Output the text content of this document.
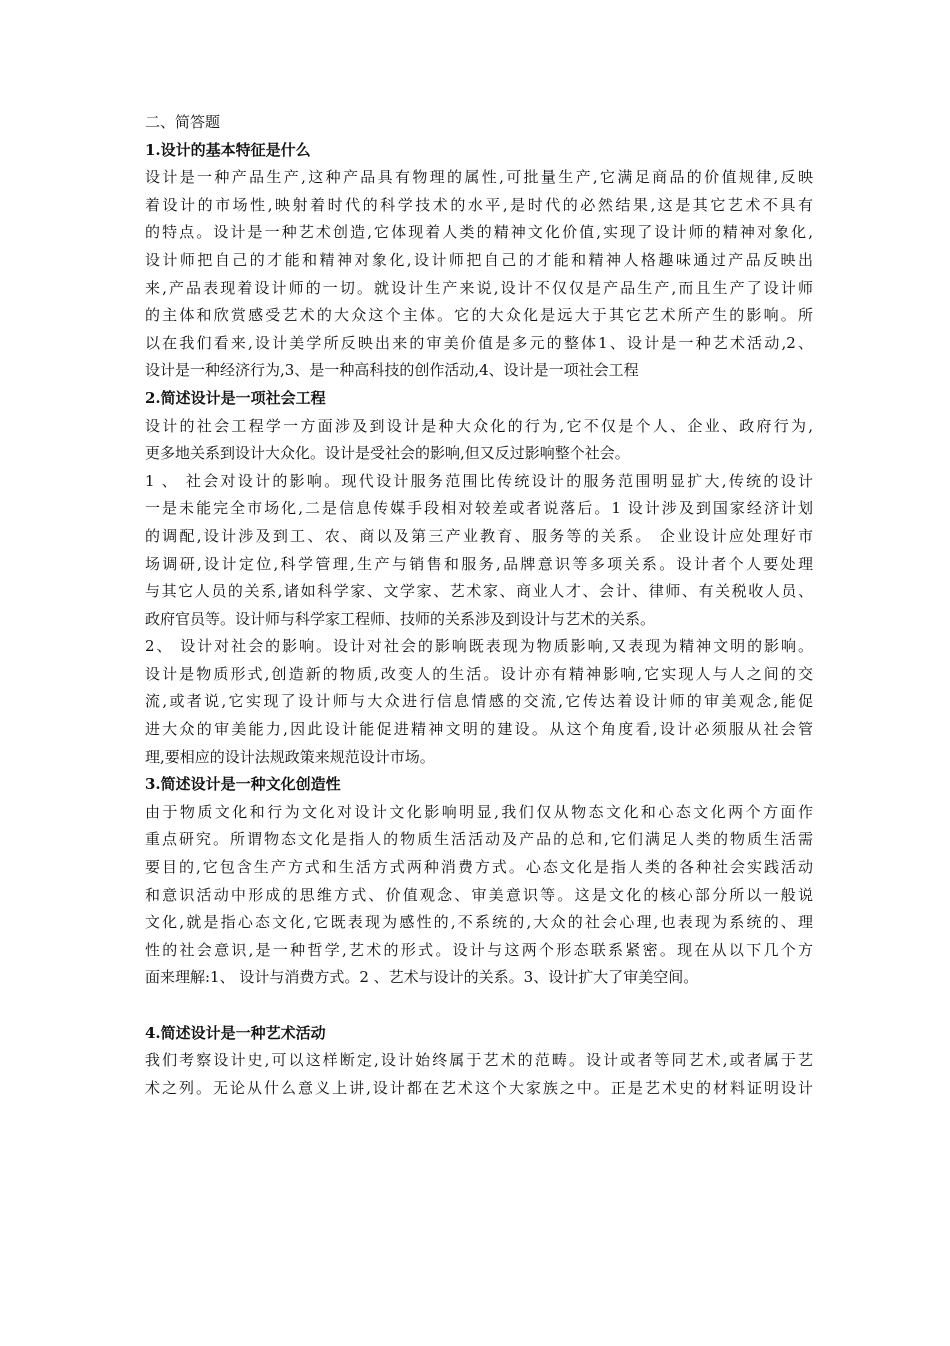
二、简答题
1.设计的基本特征是什么
设计是一种产品生产,这种产品具有物理的属性,可批量生产,它满足商品的价值规律,反映
着设计的市场性,映射着时代的科学技术的水平,是时代的必然结果,这是其它艺术不具有
的特点。设计是一种艺术创造,它体现着人类的精神文化价值,实现了设计师的精神对象化,
设计师把自己的才能和精神对象化,设计师把自己的才能和精神人格趣味通过产品反映出
来,产品表现着设计师的一切。就设计生产来说,设计不仅仅是产品生产,而且生产了设计师
的主体和欣赏感受艺术的大众这个主体。它的大众化是远大于其它艺术所产生的影响。所
以在我们看来,设计美学所反映出来的审美价值是多元的整体1、设计是一种艺术活动,2、
设计是一种经济行为,3、是一种高科技的创作活动,4、设计是一项社会工程
2.简述设计是一项社会工程
设计的社会工程学一方面涉及到设计是种大众化的行为,它不仅是个人、企业、政府行为,
更多地关系到设计大众化。设计是受社会的影响,但又反过影响整个社会。
1 、 社会对设计的影响。现代设计服务范围比传统设计的服务范围明显扩大,传统的设计
一是未能完全市场化,二是信息传媒手段相对较差或者说落后。1 设计涉及到国家经济计划
的调配,设计涉及到工、农、商以及第三产业教育、服务等的关系。 企业设计应处理好市
场调研,设计定位,科学管理,生产与销售和服务,品牌意识等多项关系。设计者个人要处理
与其它人员的关系,诸如科学家、文学家、艺术家、商业人才、会计、律师、有关税收人员、
政府官员等。设计师与科学家工程师、技师的关系涉及到设计与艺术的关系。
2、 设计对社会的影响。设计对社会的影响既表现为物质影响,又表现为精神文明的影响。
设计是物质形式,创造新的物质,改变人的生活。设计亦有精神影响,它实现人与人之间的交
流,或者说,它实现了设计师与大众进行信息情感的交流,它传达着设计师的审美观念,能促
进大众的审美能力,因此设计能促进精神文明的建设。从这个角度看,设计必须服从社会管
理,要相应的设计法规政策来规范设计市场。
3.简述设计是一种文化创造性
由于物质文化和行为文化对设计文化影响明显,我们仅从物态文化和心态文化两个方面作
重点研究。所谓物态文化是指人的物质生活活动及产品的总和,它们满足人类的物质生活需
要目的,它包含生产方式和生活方式两种消费方式。心态文化是指人类的各种社会实践活动
和意识活动中形成的思维方式、价值观念、审美意识等。这是文化的核心部分所以一般说
文化,就是指心态文化,它既表现为感性的,不系统的,大众的社会心理,也表现为系统的、理
性的社会意识,是一种哲学,艺术的形式。设计与这两个形态联系紧密。现在从以下几个方
面来理解:1、 设计与消费方式。2 、艺术与设计的关系。3、设计扩大了审美空间。
4.简述设计是一种艺术活动
我们考察设计史,可以这样断定,设计始终属于艺术的范畴。设计或者等同艺术,或者属于艺
术之列。无论从什么意义上讲,设计都在艺术这个大家族之中。正是艺术史的材料证明设计
